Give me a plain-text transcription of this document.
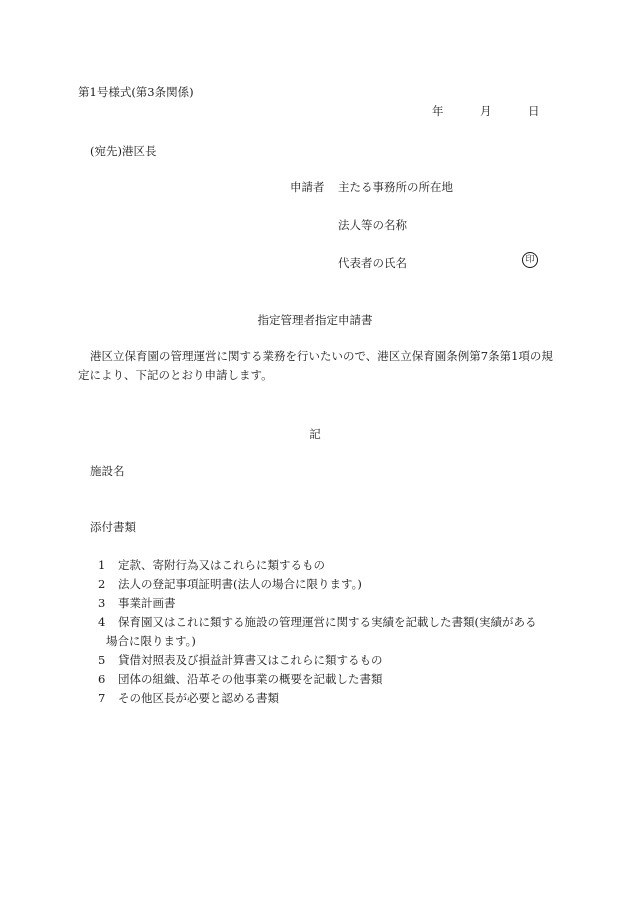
第1号様式(第3条関係)
年	月	日
(宛先)港区長
申請者 主たる事務所の所在地
法人等の名称
代表者の氏名	印
指定管理者指定申請書
港区立保育園の管理運営に関する業務を行いたいので、港区立保育園条例第7条第1項の規定により、下記のとおり申請します。
記
施設名
添付書類
1 定款、寄附行為又はこれらに類するもの
2 法人の登記事項証明書(法人の場合に限ります。)
3 事業計画書
4 保育園又はこれに類する施設の管理運営に関する実績を記載した書類(実績がある
場合に限ります。)
5 貸借対照表及び損益計算書又はこれらに類するもの
6 団体の組織、沿革その他事業の概要を記載した書類
7 その他区長が必要と認める書類
